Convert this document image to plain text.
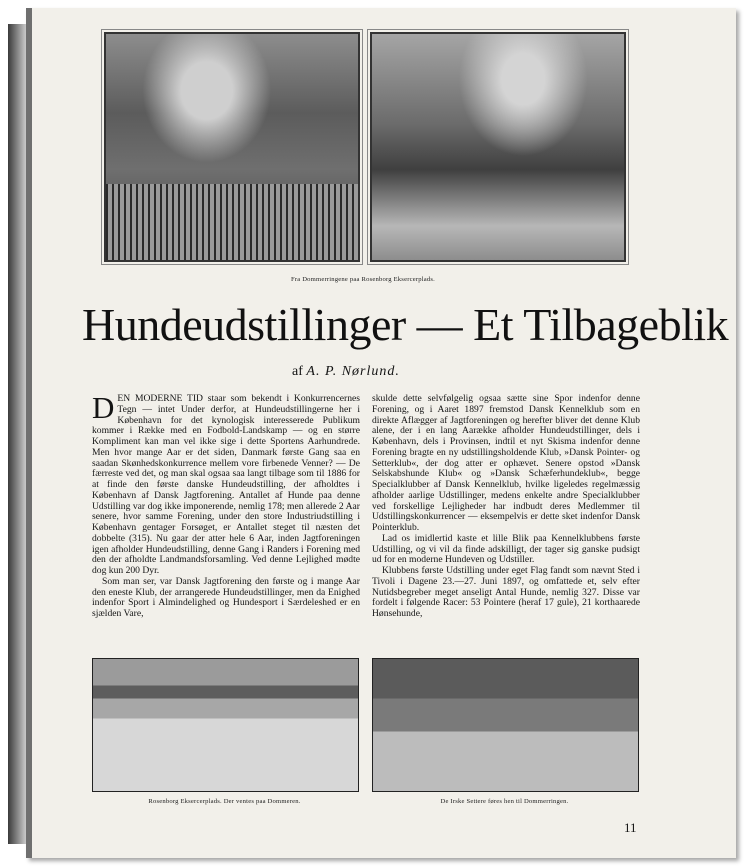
Fra Dommerringene paa Rosenborg Eksercerplads.
Hundeudstillinger — Et Tilbageblik
af A. P. Nørlund.

DEN MODERNE TID staar som bekendt i Konkurrencernes Tegn — intet Under derfor, at Hundeudstillingerne her i København for det kynologisk interesserede Publikum kommer i Række med en Fodbold-Landskamp — og en større Kompliment kan man vel ikke sige i dette Sportens Aarhundrede. Men hvor mange Aar er det siden, Danmark første Gang saa en saadan Skønhedskonkurrence mellem vore firbenede Venner? — De færreste ved det, og man skal ogsaa saa langt tilbage som til 1886 for at finde den første danske Hundeudstilling, der afholdtes i København af Dansk Jagtforening. Antallet af Hunde paa denne Udstilling var dog ikke imponerende, nemlig 178; men allerede 2 Aar senere, hvor samme Forening, under den store Industriudstilling i København gentager Forsøget, er Antallet steget til næsten det dobbelte (315). Nu gaar der atter hele 6 Aar, inden Jagtforeningen igen afholder Hundeudstilling, denne Gang i Randers i Forening med den der afholdte Landmandsforsamling. Ved denne Lejlighed mødte dog kun 200 Dyr.

Som man ser, var Dansk Jagtforening den første og i mange Aar den eneste Klub, der arrangerede Hundeudstillinger, men da Enighed indenfor Sport i Almindelighed og Hundesport i Særdeleshed er en sjælden Vare,

skulde dette selvfølgelig ogsaa sætte sine Spor indenfor denne Forening, og i Aaret 1897 fremstod Dansk Kennelklub som en direkte Aflægger af Jagtforeningen og herefter bliver det denne Klub alene, der i en lang Aarække afholder Hundeudstillinger, dels i København, dels i Provinsen, indtil et nyt Skisma indenfor denne Forening bragte en ny udstillingsholdende Klub, »Dansk Pointer- og Setterklub«, der dog atter er ophævet. Senere opstod »Dansk Selskabshunde Klub« og »Dansk Schæferhundeklub«, begge Specialklubber af Dansk Kennelklub, hvilke ligeledes regelmæssig afholder aarlige Udstillinger, medens enkelte andre Specialklubber ved forskellige Lejligheder har indbudt deres Medlemmer til Udstillingskonkurrencer — eksempelvis er dette sket indenfor Dansk Pointerklub.

Lad os imidlertid kaste et lille Blik paa Kennelklubbens første Udstilling, og vi vil da finde adskilligt, der tager sig ganske pudsigt ud for en moderne Hundeven og Udstiller.

Klubbens første Udstilling under eget Flag fandt som nævnt Sted i Tivoli i Dagene 23.—27. Juni 1897, og omfattede et, selv efter Nutidsbegreber meget anseligt Antal Hunde, nemlig 327. Disse var fordelt i følgende Racer: 53 Pointere (heraf 17 gule), 21 korthaarede Hønsehunde,

Rosenborg Eksercerplads. Der ventes paa Dommeren.	De Irske Settere føres hen til Dommerringen.
11
